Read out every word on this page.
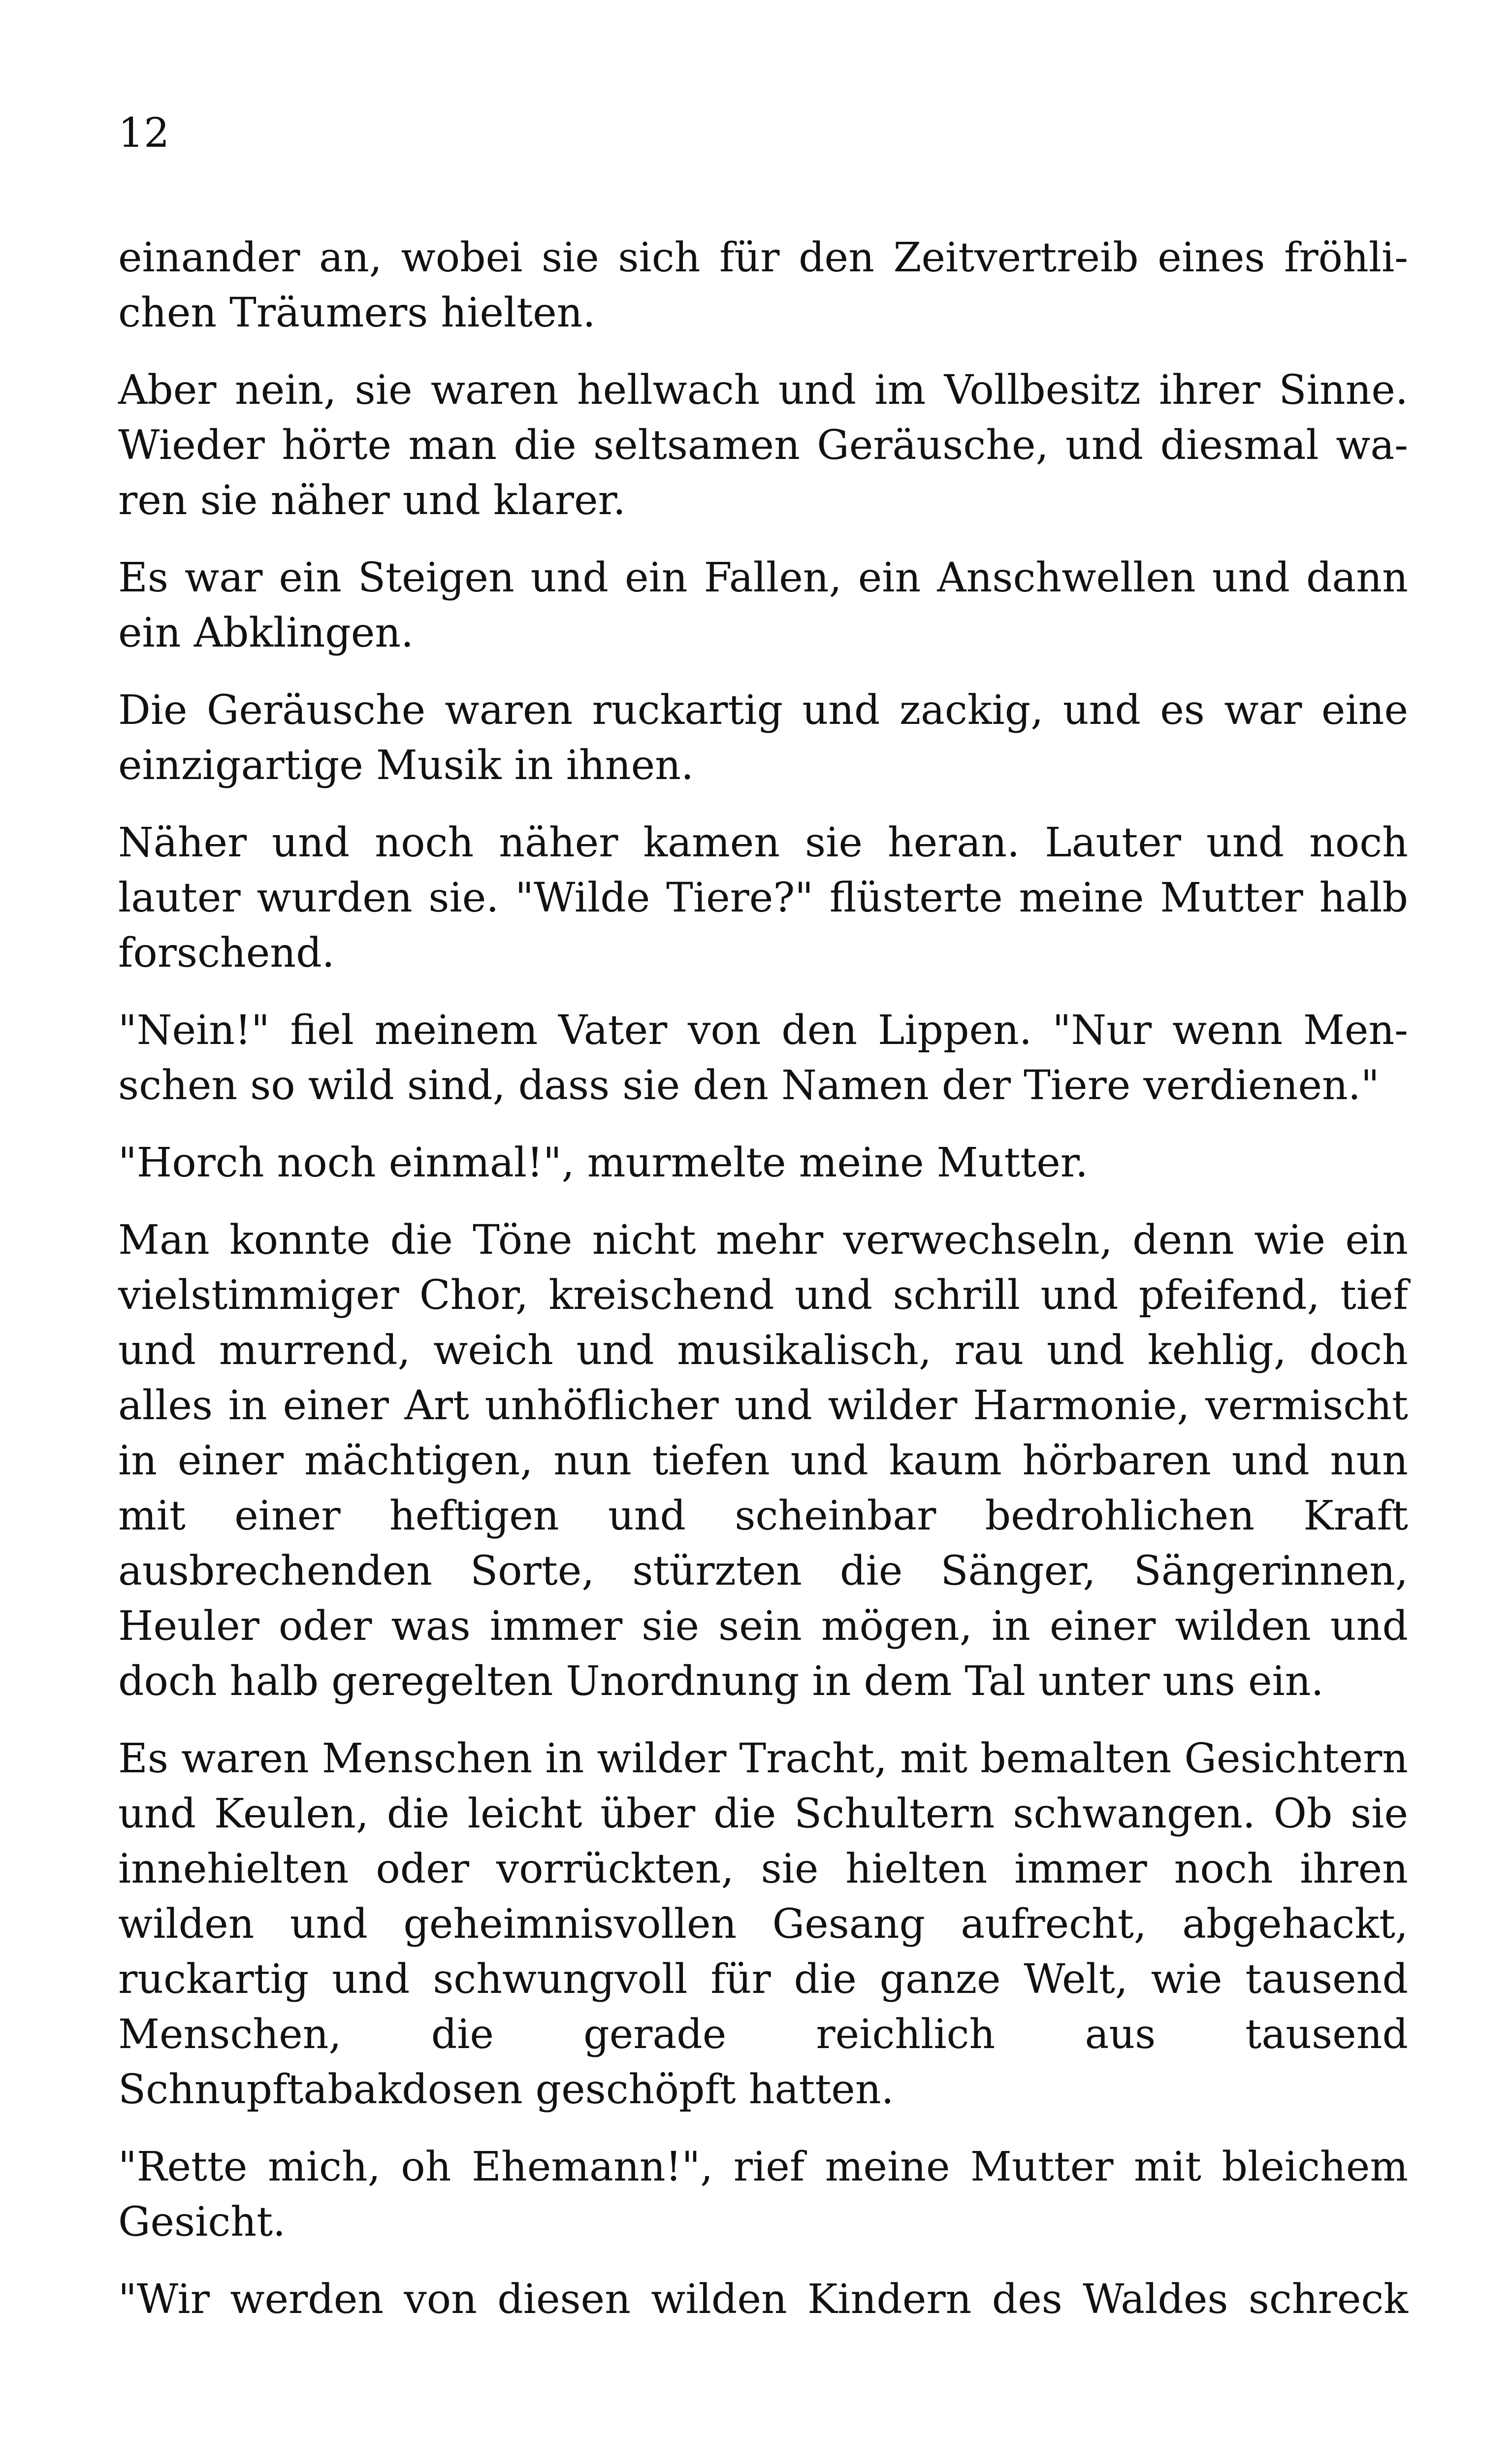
12

einander an, wobei sie sich für den Zeitvertreib eines fröhlichen Träumers hielten.

Aber nein, sie waren hellwach und im Vollbesitz ihrer Sinne. Wieder hörte man die seltsamen Geräusche, und diesmal waren sie näher und klarer.

Es war ein Steigen und ein Fallen, ein Anschwellen und dann ein Abklingen.

Die Geräusche waren ruckartig und zackig, und es war eine einzigartige Musik in ihnen.

Näher und noch näher kamen sie heran. Lauter und noch lauter wurden sie. "Wilde Tiere?" flüsterte meine Mutter halb forschend.

"Nein!" fiel meinem Vater von den Lippen. "Nur wenn Menschen so wild sind, dass sie den Namen der Tiere verdienen."

"Horch noch einmal!", murmelte meine Mutter.

Man konnte die Töne nicht mehr verwechseln, denn wie ein vielstimmiger Chor, kreischend und schrill und pfeifend, tief und murrend, weich und musikalisch, rau und kehlig, doch alles in einer Art unhöflicher und wilder Harmonie, vermischt in einer mächtigen, nun tiefen und kaum hörbaren und nun mit einer heftigen und scheinbar bedrohlichen Kraft ausbrechenden Sorte, stürzten die Sänger, Sängerinnen, Heuler oder was immer sie sein mögen, in einer wilden und doch halb geregelten Unordnung in dem Tal unter uns ein.

Es waren Menschen in wilder Tracht, mit bemalten Gesichtern und Keulen, die leicht über die Schultern schwangen. Ob sie innehielten oder vorrückten, sie hielten immer noch ihren wilden und geheimnisvollen Gesang aufrecht, abgehackt, ruckartig und schwungvoll für die ganze Welt, wie tausend Menschen, die gerade reichlich aus tausend Schnupftabakdosen geschöpft hatten.

"Rette mich, oh Ehemann!", rief meine Mutter mit bleichem Gesicht.

"Wir werden von diesen wilden Kindern des Waldes schreck
